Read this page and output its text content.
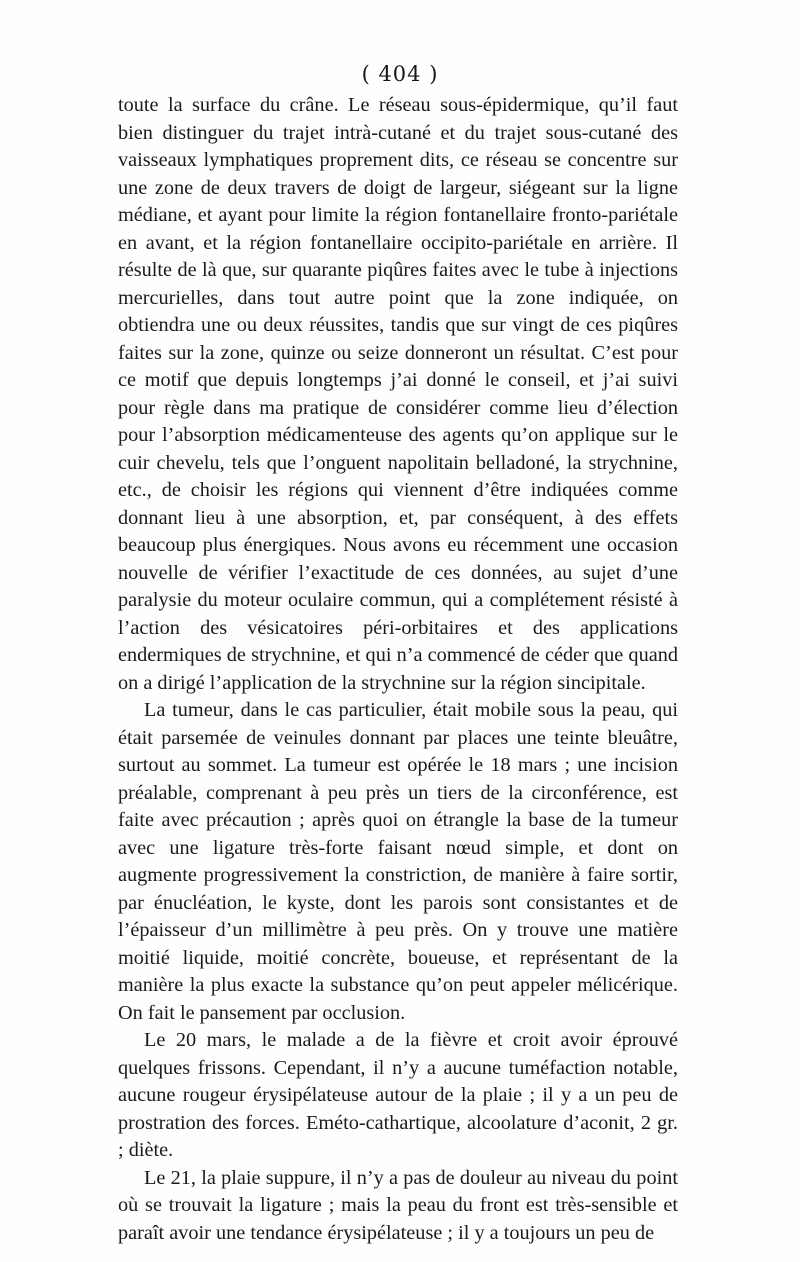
( 404 )

toute la surface du crâne. Le réseau sous-épidermique, qu’il faut bien distinguer du trajet intrà-cutané et du trajet sous-cutané des vaisseaux lymphatiques proprement dits, ce réseau se concentre sur une zone de deux travers de doigt de largeur, siégeant sur la ligne médiane, et ayant pour limite la région fontanellaire fronto-pariétale en avant, et la région fontanellaire occipito-pariétale en arrière. Il résulte de là que, sur quarante piqûres faites avec le tube à injections mercurielles, dans tout autre point que la zone indiquée, on obtiendra une ou deux réussites, tandis que sur vingt de ces piqûres faites sur la zone, quinze ou seize donneront un résultat. C’est pour ce motif que depuis longtemps j’ai donné le conseil, et j’ai suivi pour règle dans ma pratique de considérer comme lieu d’élection pour l’absorption médicamenteuse des agents qu’on applique sur le cuir chevelu, tels que l’onguent napolitain belladoné, la strychnine, etc., de choisir les régions qui viennent d’être indiquées comme donnant lieu à une absorption, et, par conséquent, à des effets beaucoup plus énergiques. Nous avons eu récemment une occasion nouvelle de vérifier l’exactitude de ces données, au sujet d’une paralysie du moteur oculaire commun, qui a complétement résisté à l’action des vésicatoires péri-orbitaires et des applications endermiques de strychnine, et qui n’a commencé de céder que quand on a dirigé l’application de la strychnine sur la région sincipitale.

La tumeur, dans le cas particulier, était mobile sous la peau, qui était parsemée de veinules donnant par places une teinte bleuâtre, surtout au sommet. La tumeur est opérée le 18 mars ; une incision préalable, comprenant à peu près un tiers de la circonférence, est faite avec précaution ; après quoi on étrangle la base de la tumeur avec une ligature très-forte faisant nœud simple, et dont on augmente progressivement la constriction, de manière à faire sortir, par énucléation, le kyste, dont les parois sont consistantes et de l’épaisseur d’un millimètre à peu près. On y trouve une matière moitié liquide, moitié concrète, boueuse, et représentant de la manière la plus exacte la substance qu’on peut appeler mélicérique. On fait le pansement par occlusion.

Le 20 mars, le malade a de la fièvre et croit avoir éprouvé quelques frissons. Cependant, il n’y a aucune tuméfaction notable, aucune rougeur érysipélateuse autour de la plaie ; il y a un peu de prostration des forces. Eméto-cathartique, alcoolature d’aconit, 2 gr. ; diète.

Le 21, la plaie suppure, il n’y a pas de douleur au niveau du point où se trouvait la ligature ; mais la peau du front est très-sensible et paraît avoir une tendance érysipélateuse ; il y a toujours un peu de
